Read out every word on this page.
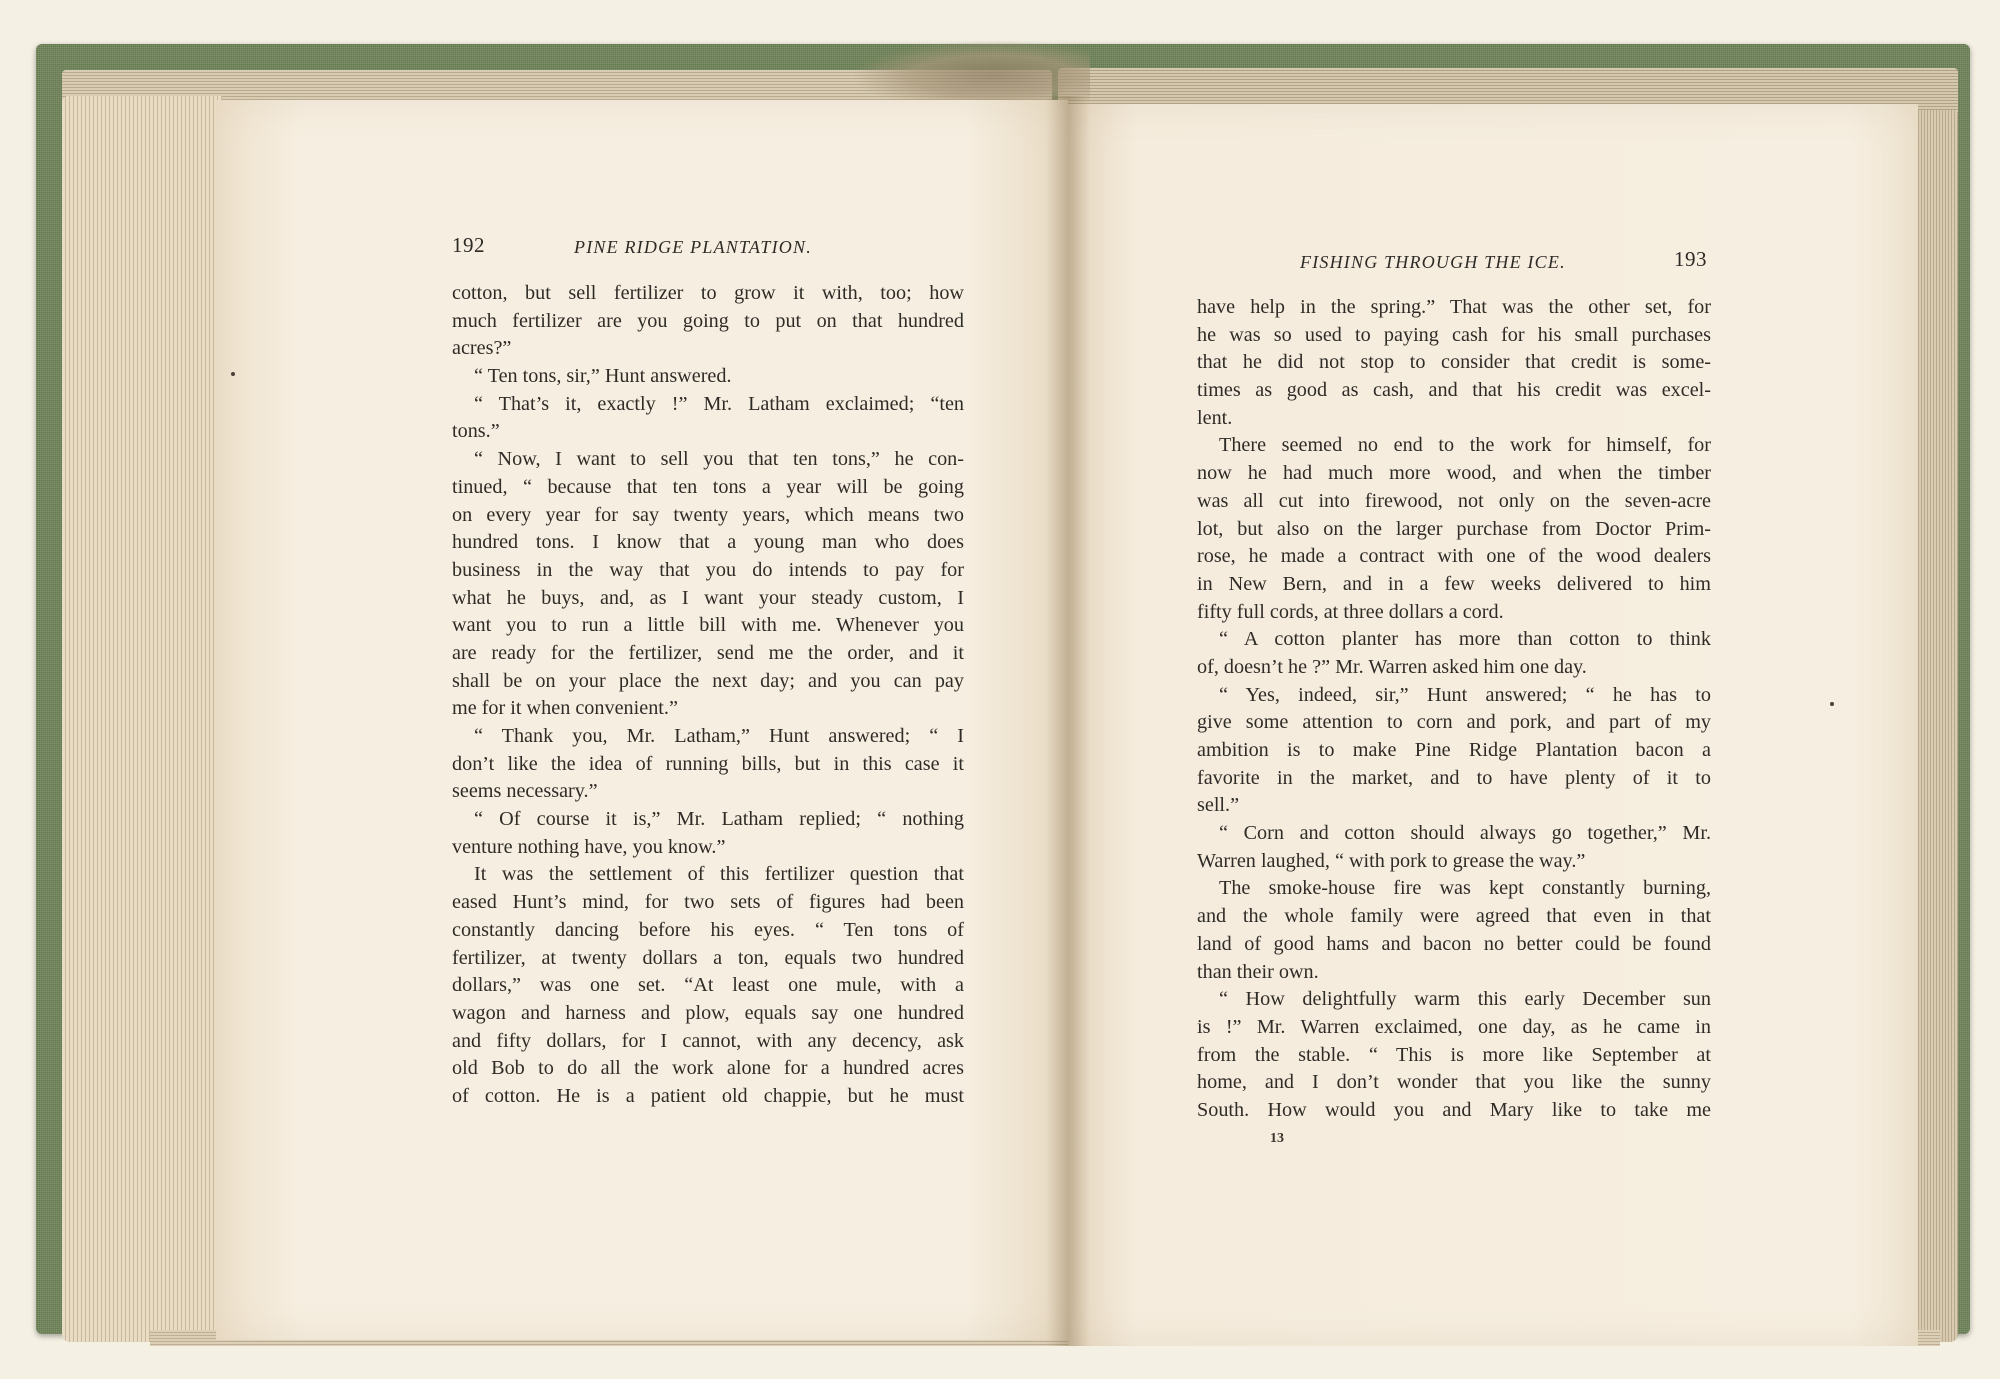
192	PINE RIDGE PLANTATION.
FISHING THROUGH THE ICE.	193
cotton, but sell fertilizer to grow it with, too; how
much fertilizer are you going to put on that hundred
acres?”
“ Ten tons, sir,” Hunt answered.
“ That’s it, exactly !” Mr. Latham exclaimed; “ten
tons.”
“ Now, I want to sell you that ten tons,” he con-
tinued, “ because that ten tons a year will be going
on every year for say twenty years, which means two
hundred tons. I know that a young man who does
business in the way that you do intends to pay for
what he buys, and, as I want your steady custom, I
want you to run a little bill with me. Whenever you
are ready for the fertilizer, send me the order, and it
shall be on your place the next day; and you can pay
me for it when convenient.”
“ Thank you, Mr. Latham,” Hunt answered; “ I
don’t like the idea of running bills, but in this case it
seems necessary.”
“ Of course it is,” Mr. Latham replied; “ nothing
venture nothing have, you know.”
It was the settlement of this fertilizer question that
eased Hunt’s mind, for two sets of figures had been
constantly dancing before his eyes. “ Ten tons of
fertilizer, at twenty dollars a ton, equals two hundred
dollars,” was one set. “At least one mule, with a
wagon and harness and plow, equals say one hundred
and fifty dollars, for I cannot, with any decency, ask
old Bob to do all the work alone for a hundred acres
of cotton. He is a patient old chappie, but he must
have help in the spring.” That was the other set, for
he was so used to paying cash for his small purchases
that he did not stop to consider that credit is some-
times as good as cash, and that his credit was excel-
lent.
There seemed no end to the work for himself, for
now he had much more wood, and when the timber
was all cut into firewood, not only on the seven-acre
lot, but also on the larger purchase from Doctor Prim-
rose, he made a contract with one of the wood dealers
in New Bern, and in a few weeks delivered to him
fifty full cords, at three dollars a cord.
“ A cotton planter has more than cotton to think
of, doesn’t he ?” Mr. Warren asked him one day.
“ Yes, indeed, sir,” Hunt answered; “ he has to
give some attention to corn and pork, and part of my
ambition is to make Pine Ridge Plantation bacon a
favorite in the market, and to have plenty of it to
sell.”
“ Corn and cotton should always go together,” Mr.
Warren laughed, “ with pork to grease the way.”
The smoke-house fire was kept constantly burning,
and the whole family were agreed that even in that
land of good hams and bacon no better could be found
than their own.
“ How delightfully warm this early December sun
is !” Mr. Warren exclaimed, one day, as he came in
from the stable. “ This is more like September at
home, and I don’t wonder that you like the sunny
South. How would you and Mary like to take me
13
